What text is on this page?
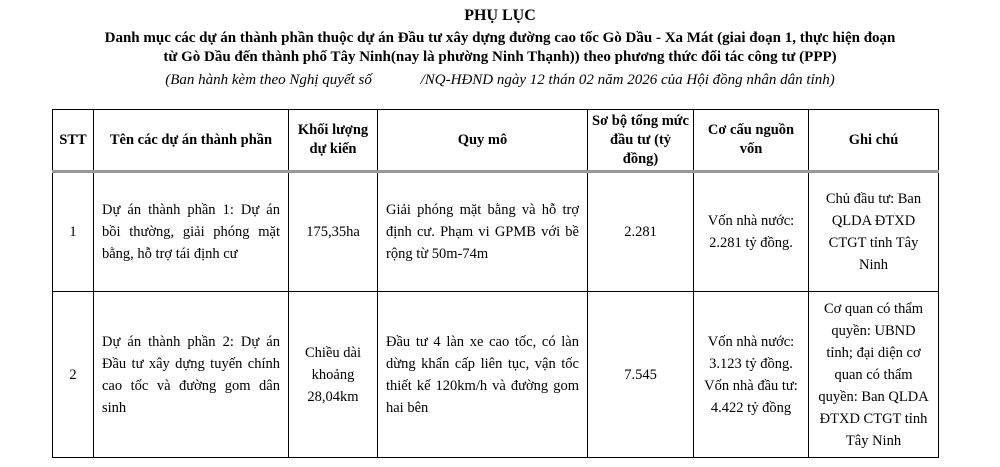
PHỤ LỤC
Danh mục các dự án thành phần thuộc dự án Đầu tư xây dựng đường cao tốc Gò Dầu - Xa Mát (giai đoạn 1, thực hiện đoạn
từ Gò Dầu đến thành phố Tây Ninh(nay là phường Ninh Thạnh)) theo phương thức đối tác công tư (PPP)
(Ban hành kèm theo Nghị quyết số             /NQ-HĐND ngày 12 thán 02 năm 2026 của Hội đồng nhân dân tỉnh)
STT	Tên các dự án thành phần	Khối lượng dự kiến	Quy mô	Sơ bộ tổng mức đầu tư (tỷ đồng)	Cơ cấu nguồn vốn	Ghi chú
1	Dự án thành phần 1: Dự án bồi thường, giải phóng mặt bằng, hỗ trợ tái định cư	175,35ha	Giải phóng mặt bằng và hỗ trợ định cư. Phạm vi GPMB với bề rộng từ 50m-74m	2.281	Vốn nhà nước: 2.281 tỷ đồng.	Chủ đầu tư: Ban QLDA ĐTXD CTGT tỉnh Tây Ninh
2	Dự án thành phần 2: Dự án Đầu tư xây dựng tuyến chính cao tốc và đường gom dân sinh	Chiều dài khoảng 28,04km	Đầu tư 4 làn xe cao tốc, có làn dừng khẩn cấp liên tục, vận tốc thiết kế 120km/h và đường gom hai bên	7.545	Vốn nhà nước: 3.123 tỷ đồng. Vốn nhà đầu tư: 4.422 tỷ đồng	Cơ quan có thẩm quyền: UBND tỉnh; đại diện cơ quan có thẩm quyền: Ban QLDA ĐTXD CTGT tỉnh Tây Ninh
